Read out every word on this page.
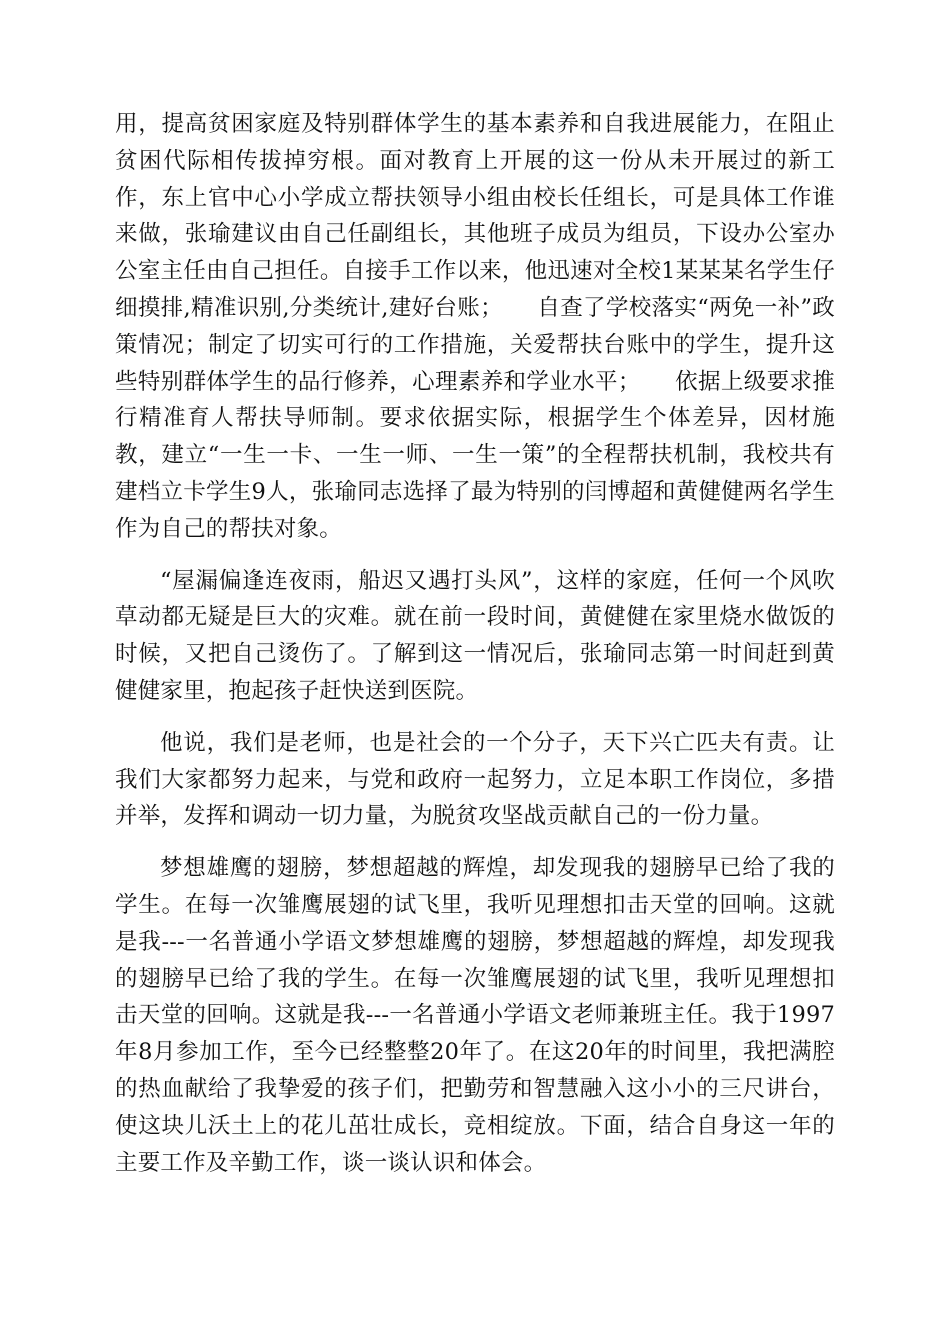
用，提高贫困家庭及特别群体学生的基本素养和自我进展能力，在阻止贫困代际相传拔掉穷根。面对教育上开展的这一份从未开展过的新工作，东上官中心小学成立帮扶领导小组由校长任组长，可是具体工作谁来做，张瑜建议由自己任副组长，其他班子成员为组员，下设办公室办公室主任由自己担任。自接手工作以来，他迅速对全校1某某某名学生仔细摸排,精准识别,分类统计,建好台账；　　自查了学校落实“两免一补”政策情况；制定了切实可行的工作措施，关爱帮扶台账中的学生，提升这些特别群体学生的品行修养，心理素养和学业水平；　　依据上级要求推行精准育人帮扶导师制。要求依据实际，根据学生个体差异，因材施教，建立“一生一卡、一生一师、一生一策”的全程帮扶机制，我校共有建档立卡学生9人，张瑜同志选择了最为特别的闫博超和黄健健两名学生作为自己的帮扶对象。

“屋漏偏逢连夜雨，船迟又遇打头风”，这样的家庭，任何一个风吹草动都无疑是巨大的灾难。就在前一段时间，黄健健在家里烧水做饭的时候，又把自己烫伤了。了解到这一情况后，张瑜同志第一时间赶到黄健健家里，抱起孩子赶快送到医院。

他说，我们是老师，也是社会的一个分子，天下兴亡匹夫有责。让我们大家都努力起来，与党和政府一起努力，立足本职工作岗位，多措并举，发挥和调动一切力量，为脱贫攻坚战贡献自己的一份力量。

梦想雄鹰的翅膀，梦想超越的辉煌，却发现我的翅膀早已给了我的学生。在每一次雏鹰展翅的试飞里，我听见理想扣击天堂的回响。这就是我---一名普通小学语文梦想雄鹰的翅膀，梦想超越的辉煌，却发现我的翅膀早已给了我的学生。在每一次雏鹰展翅的试飞里，我听见理想扣击天堂的回响。这就是我---一名普通小学语文老师兼班主任。我于1997年8月参加工作，至今已经整整20年了。在这20年的时间里，我把满腔的热血献给了我挚爱的孩子们，把勤劳和智慧融入这小小的三尺讲台，使这块儿沃土上的花儿茁壮成长，竞相绽放。下面，结合自身这一年的主要工作及辛勤工作，谈一谈认识和体会。
